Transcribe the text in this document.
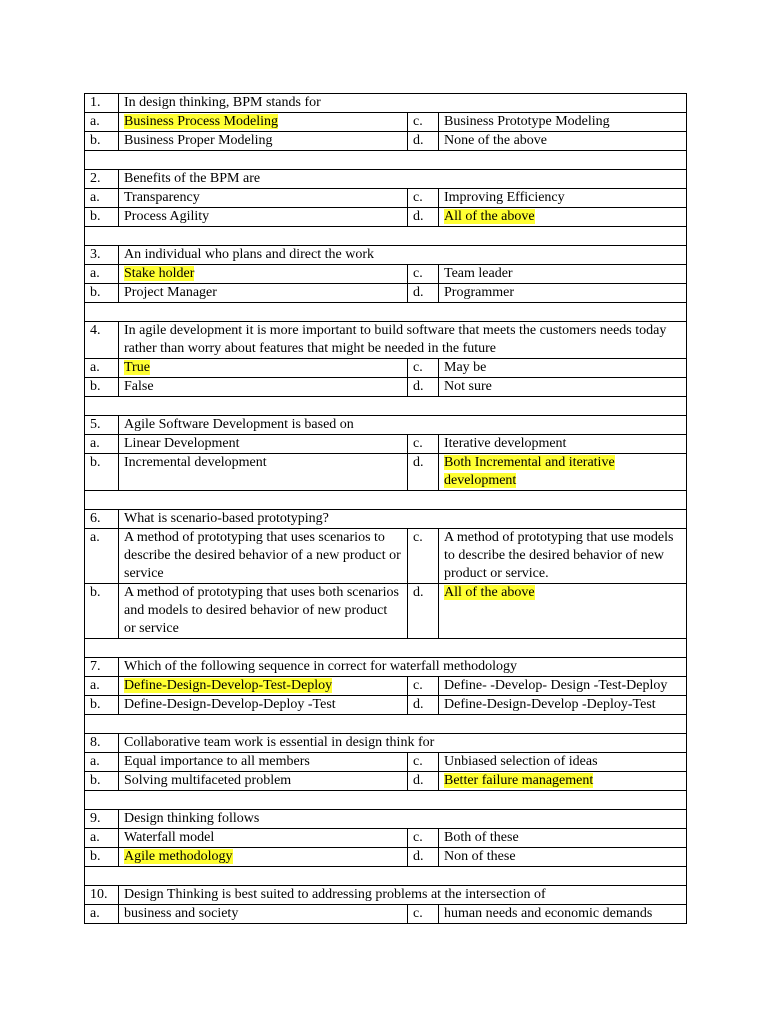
1.	In design thinking, BPM stands for		
a.	Business Process Modeling	c.	Business Prototype Modeling
b.	Business Proper Modeling	d.	None of the above

2.	Benefits of the BPM are		
a.	Transparency	c.	Improving Efficiency
b.	Process Agility	d.	All of the above

3.	An individual who plans and direct the work		
a.	Stake holder	c.	Team leader
b.	Project Manager	d.	Programmer

4.	In agile development it is more important to build software that meets the customers needs today rather than worry about features that might be needed in the future		
a.	True	c.	May be
b.	False	d.	Not sure

5.	Agile Software Development is based on		
a.	Linear Development	c.	Iterative development
b.	Incremental development	d.	Both Incremental and iterative development

6.	What is scenario-based prototyping?		
a.	A method of prototyping that uses scenarios to describe the desired behavior of a new product or service	c.	A method of prototyping that use models to describe the desired behavior of new product or service.
b.	A method of prototyping that uses both scenarios and models to desired behavior of new product or service	d.	All of the above

7.	Which of the following sequence in correct for waterfall methodology		
a.	Define-Design-Develop-Test-Deploy	c.	Define- -Develop- Design -Test-Deploy
b.	Define-Design-Develop-Deploy -Test	d.	Define-Design-Develop -Deploy-Test

8.	Collaborative team work is essential in design think for		
a.	Equal importance to all members	c.	Unbiased selection of ideas
b.	Solving multifaceted problem	d.	Better failure management

9.	Design thinking follows		
a.	Waterfall model	c.	Both of these
b.	Agile methodology	d.	Non of these

10.	Design Thinking is best suited to addressing problems at the intersection of		
a.	business and society	c.	human needs and economic demands
